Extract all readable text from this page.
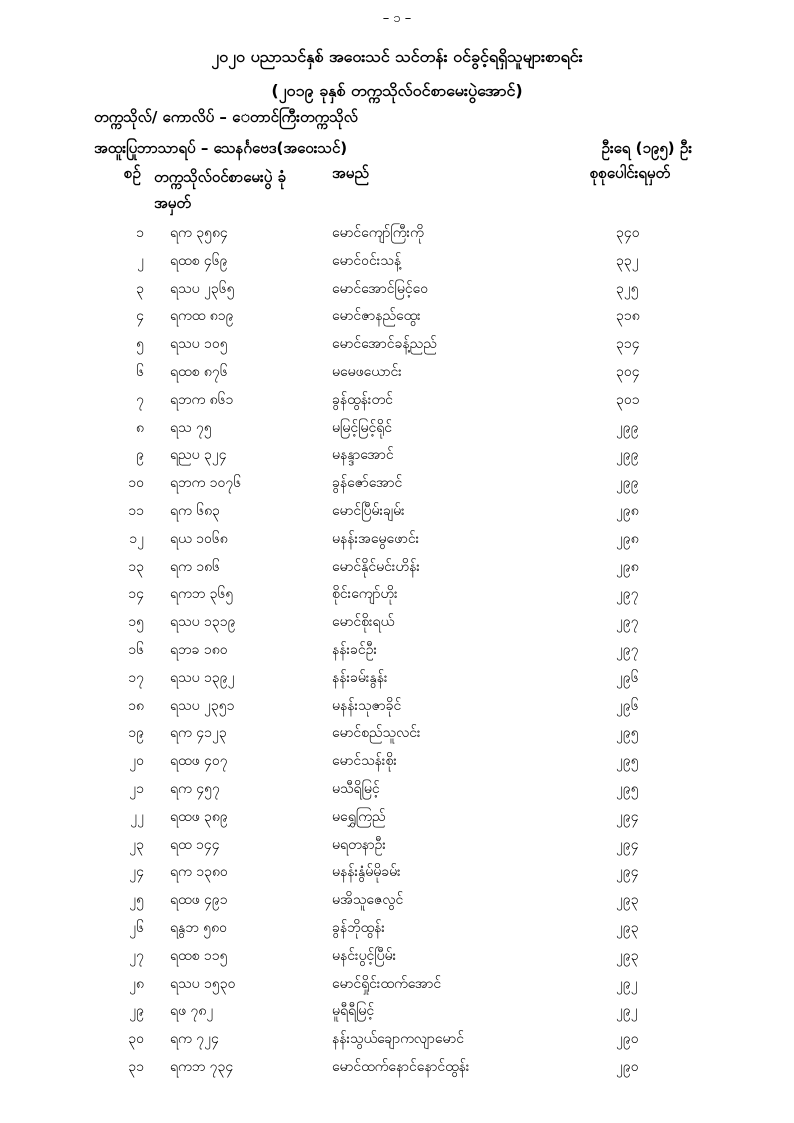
– ၁ –
၂၀၂၀ ပညာသင်နှစ် အဝေးသင် သင်တန်း ဝင်ခွင့်ရရှိသူများစာရင်း
(၂၀၁၉ ခုနှစ် တက္ကသိုလ်ဝင်စာမေးပွဲအောင်)
တက္ကသိုလ်/ ကောလိပ် – ‌ေတာင်ကြီးတက္ကသိုလ်
အထူးပြုဘာသာရပ် – သေနင်္ဂဗေဒ(အဝေးသင်)	ဦးရေ (၁၉၅) ဦး
စဉ် တက္ကသိုလ်ဝင်စာမေးပွဲ ခုံအမှတ်
အမည်	စုစုပေါင်းရမှတ်
၁ ရက ၃၅၈၄	မောင်ကျော်ကြီးကို	၃၄၀
၂ ရထစ ၄၆၉	မောင်ဝင်းသန့်	၃၃၂
၃ ရသပ ၂၃၆၅	မောင်အောင်မြင့်ဝေ	၃၂၅
၄ ရကထ ၈၁၉	မောင်ဇာနည်ထွေး	၃၁၈
၅ ရသပ ၁၀၅	မောင်အောင်ခန့်ညည်	၃၁၄
၆ ရထစ ၈၇၆	မမေဖယောင်း	၃၀၄
၇ ရဘက ၈၆၁	ခွန်ထွန်းတင်	၃၀၁
၈ ရသ ၇၅	မမြင့်မြင့်ရိုင်	၂၉၉
၉ ရညပ ၃၂၄	မနန္ဒာအောင်	၂၉၉
၁၀ ရဘက ၁၀၇၆	ခွန်ဇော်အောင်	၂၉၉
၁၁ ရက ၆၈၃	မောင်ပြီမ်းချမ်း	၂၉၈
၁၂ ရယ ၁၀၆၈	မနန်းအမွေဖောင်း	၂၉၈
၁၃ ရက ၁၈၆	မောင်နိုင်မင်းဟိန်း	၂၉၈
၁၄ ရကဘ ၃၆၅	စိုင်းကျော်ဟိုး	၂၉၇
၁၅ ရသပ ၁၃၁၉	မောင်စိုးရယ်	၂၉၇
၁၆ ရဘခ ၁၈၀	နန်းခင်ဦး	၂၉၇
၁၇ ရသပ ၁၃၉၂	နန်းခမ်းနွန်း	၂၉၆
၁၈ ရသပ ၂၃၅၁	မနန်းသုဇာခိုင်	၂၉၆
၁၉ ရက ၄၁၂၃	မောင်စည်သူလင်း	၂၉၅
၂၀ ရထဖ ၄၀၇	မောင်သန်းစိုး	၂၉၅
၂၁ ရက ၄၅၇	မသီရိမြင့်	၂၉၅
၂၂ ရထဖ ၃၈၉	မရွှေကြည်	၂၉၄
၂၃ ရထ ၁၄၄	မရတနာဦး	၂၉၄
၂၄ ရက ၁၃၈၀	မနန်းနွံမ်မိုခမ်း	၂၉၄
၂၅ ရထဖ ၄၉၁	မအိသူဇေလွင်	၂၉၃
၂၆ ရနွဘ ၅၈၀	ခွန်ဘိုထွန်း	၂၉၃
၂၇ ရထစ ၁၁၅	မနင်းပွင့်ပြီမ်း	၂၉၃
၂၈ ရသပ ၁၅၃၀	မောင်ရှိုင်းထက်အောင်	၂၉၂
၂၉ ရဖ ၇၈၂	မူရီရီမြင့်	၂၉၂
၃၀ ရက ၇၂၄	နန်းသွယ်ချောကလျာမောင်	၂၉၀
၃၁ ရကဘ ၇၃၄	မောင်ထက်နောင်နောင်ထွန်း	၂၉၀
